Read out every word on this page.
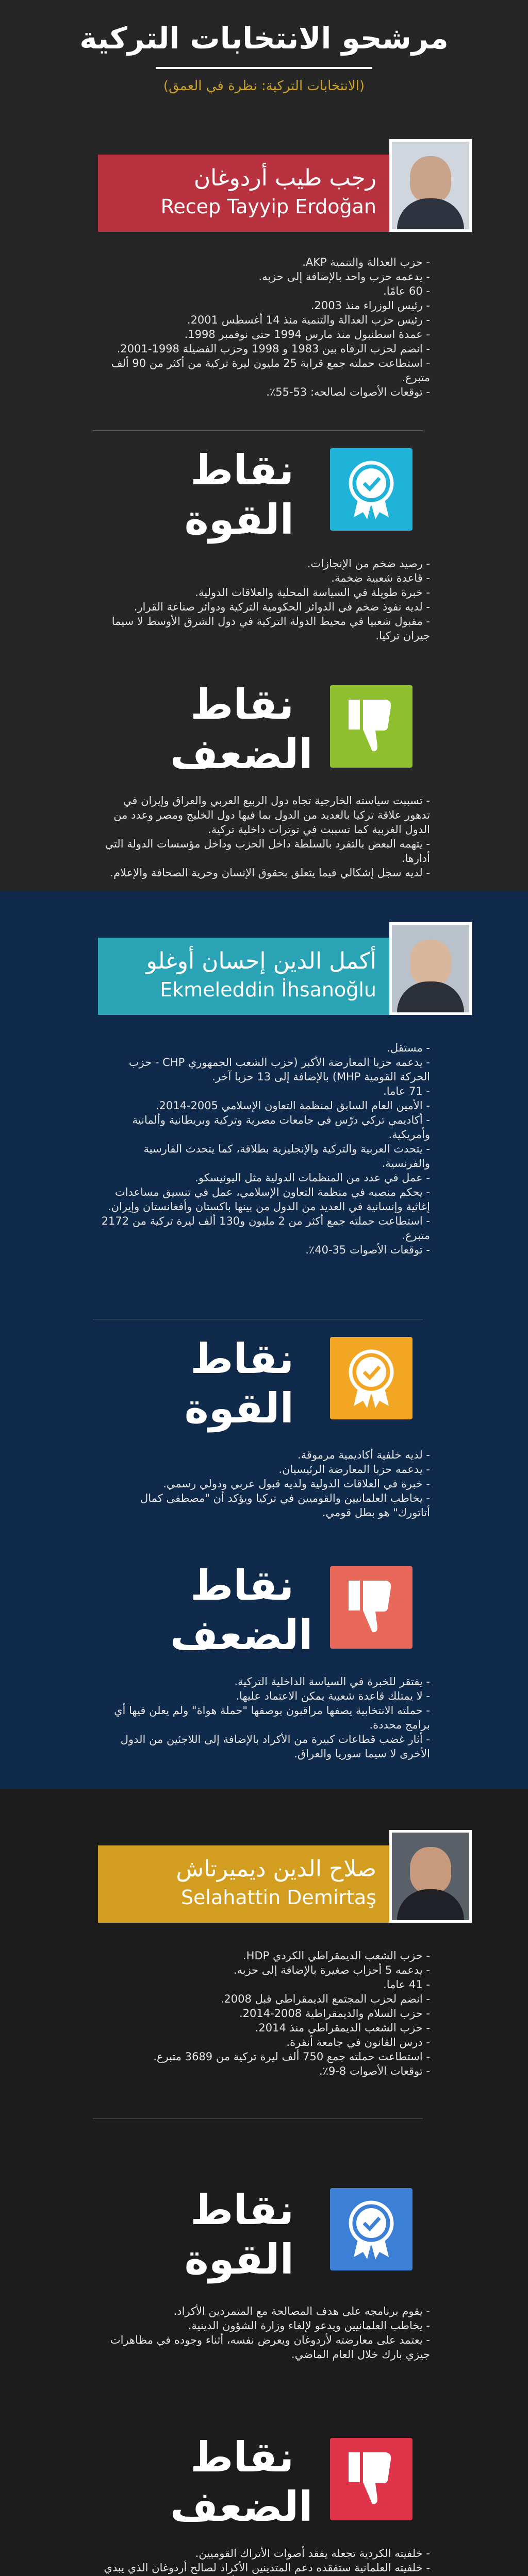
مرشحو الانتخابات التركية
(الانتخابات التركية: نظرة في العمق)
رجب طيب أردوغان
Recep Tayyip Erdoğan

- حزب العدالة والتنمية AKP.

- يدعمه حزب واحد بالإضافة إلى حزبه.

- 60 عامًا.

- رئيس الوزراء منذ 2003.

- رئيس حزب العدالة والتنمية منذ 14 أغسطس 2001.

- عمدة اسطنبول منذ مارس 1994 حتى نوفمبر 1998.

- انضم لحزب الرفاه بين 1983 و 1998 وحزب الفضيلة 1998-2001.

- استطاعت حملته جمع قرابة 25 مليون ليرة تركية من أكثر من 90 ألف متبرع.

- توقعات الأصوات لصالحه: 53-55٪.

نقاط القوة

- رصيد ضخم من الإنجازات.

- قاعدة شعبية ضخمة.

- خبرة طويلة في السياسة المحلية والعلاقات الدولية.

- لديه نفوذ ضخم في الدوائر الحكومية التركية ودوائر صناعة القرار.

- مقبول شعبيا في محيط الدولة التركية في دول الشرق الأوسط لا سيما جيران تركيا.

نقاط الضعف

- تسببت سياسته الخارجية تجاه دول الربيع العربي والعراق وإيران في تدهور علاقة تركيا بالعديد من الدول بما فيها دول الخليج ومصر وعدد من الدول الغربية كما تسببت في توترات داخلية تركية.

- يتهمه البعض بالتفرد بالسلطة داخل الحزب وداخل مؤسسات الدولة التي أدارها.

- لديه سجل إشكالي فيما يتعلق بحقوق الإنسان وحرية الصحافة والإعلام.

أكمل الدين إحسان أوغلو
Ekmeleddin İhsanoğlu

- مستقل.

- يدعمه حزبا المعارضة الأكبر (حزب الشعب الجمهوري CHP - حزب الحركة القومية MHP) بالإضافة إلى 13 حزبا آخر.

- 71 عاما.

- الأمين العام السابق لمنظمة التعاون الإسلامي 2005-2014.

- أكاديمي تركي درّس في جامعات مصرية وتركية وبريطانية وألمانية وأمريكية.

- يتحدث العربية والتركية والإنجليزية بطلاقة، كما يتحدث الفارسية والفرنسية.

- عمل في عدد من المنظمات الدولية مثل اليونيسكو.

- يحكم منصبه في منظمة التعاون الإسلامي، عمل في تنسيق مساعدات إغاثية وإنسانية في العديد من الدول من بينها باكستان وأفغانستان وإيران.

- استطاعت حملته جمع أكثر من 2 مليون و130 ألف ليرة تركية من 2172 متبرع.

- توقعات الأصوات 35-40٪.

نقاط القوة

- لديه خلفية أكاديمية مرموقة.

- يدعمه حزبا المعارضة الرئيسيان.

- خبرة في العلاقات الدولية ولديه قبول عربي ودولي رسمي.

- يخاطب العلمانيين والقوميين في تركيا ويؤكد أن "مصطفى كمال أتاتورك" هو بطل قومي.

نقاط الضعف

- يفتقر للخبرة في السياسة الداخلية التركية.

- لا يمتلك قاعدة شعبية يمكن الاعتماد عليها.

- حملته الانتخابية يصفها مراقبون بوصفها "حملة هواة" ولم يعلن فيها أي برامج محددة.

- أثار غضب قطاعات كبيرة من الأكراد بالإضافة إلى اللاجئين من الدول الأخرى لا سيما سوريا والعراق.

صلاح الدين ديميرتاش
Selahattin Demirtaş

- حزب الشعب الديمقراطي الكردي HDP.

- يدعمه 5 أحزاب صغيرة بالإضافة إلى حزبه.

- 41 عاما.

- انضم لحزب المجتمع الديمقراطي قبل 2008.

- حزب السلام والديمقراطية 2008-2014.

- حزب الشعب الديمقراطي منذ 2014.

- درس القانون في جامعة أنقرة.

- استطاعت حملته جمع 750 ألف ليرة تركية من 3689 متبرع.

- توقعات الأصوات 8-9٪.

نقاط القوة

- يقوم برنامجه على هدف المصالحة مع المتمردين الأكراد.

- يخاطب العلمانيين ويدعو لإلغاء وزارة الشؤون الدينية.

- يعتمد على معارضته لأردوغان ويعرض نفسه، أثناء وجوده في مظاهرات جيزي بارك خلال العام الماضي.

نقاط الضعف

- خلفيته الكردية تجعله يفقد أصوات الأتراك القوميين.

- خلفيته العلمانية ستفقده دعم المتدينين الأكراد لصالح أردوغان الذي يبدي
